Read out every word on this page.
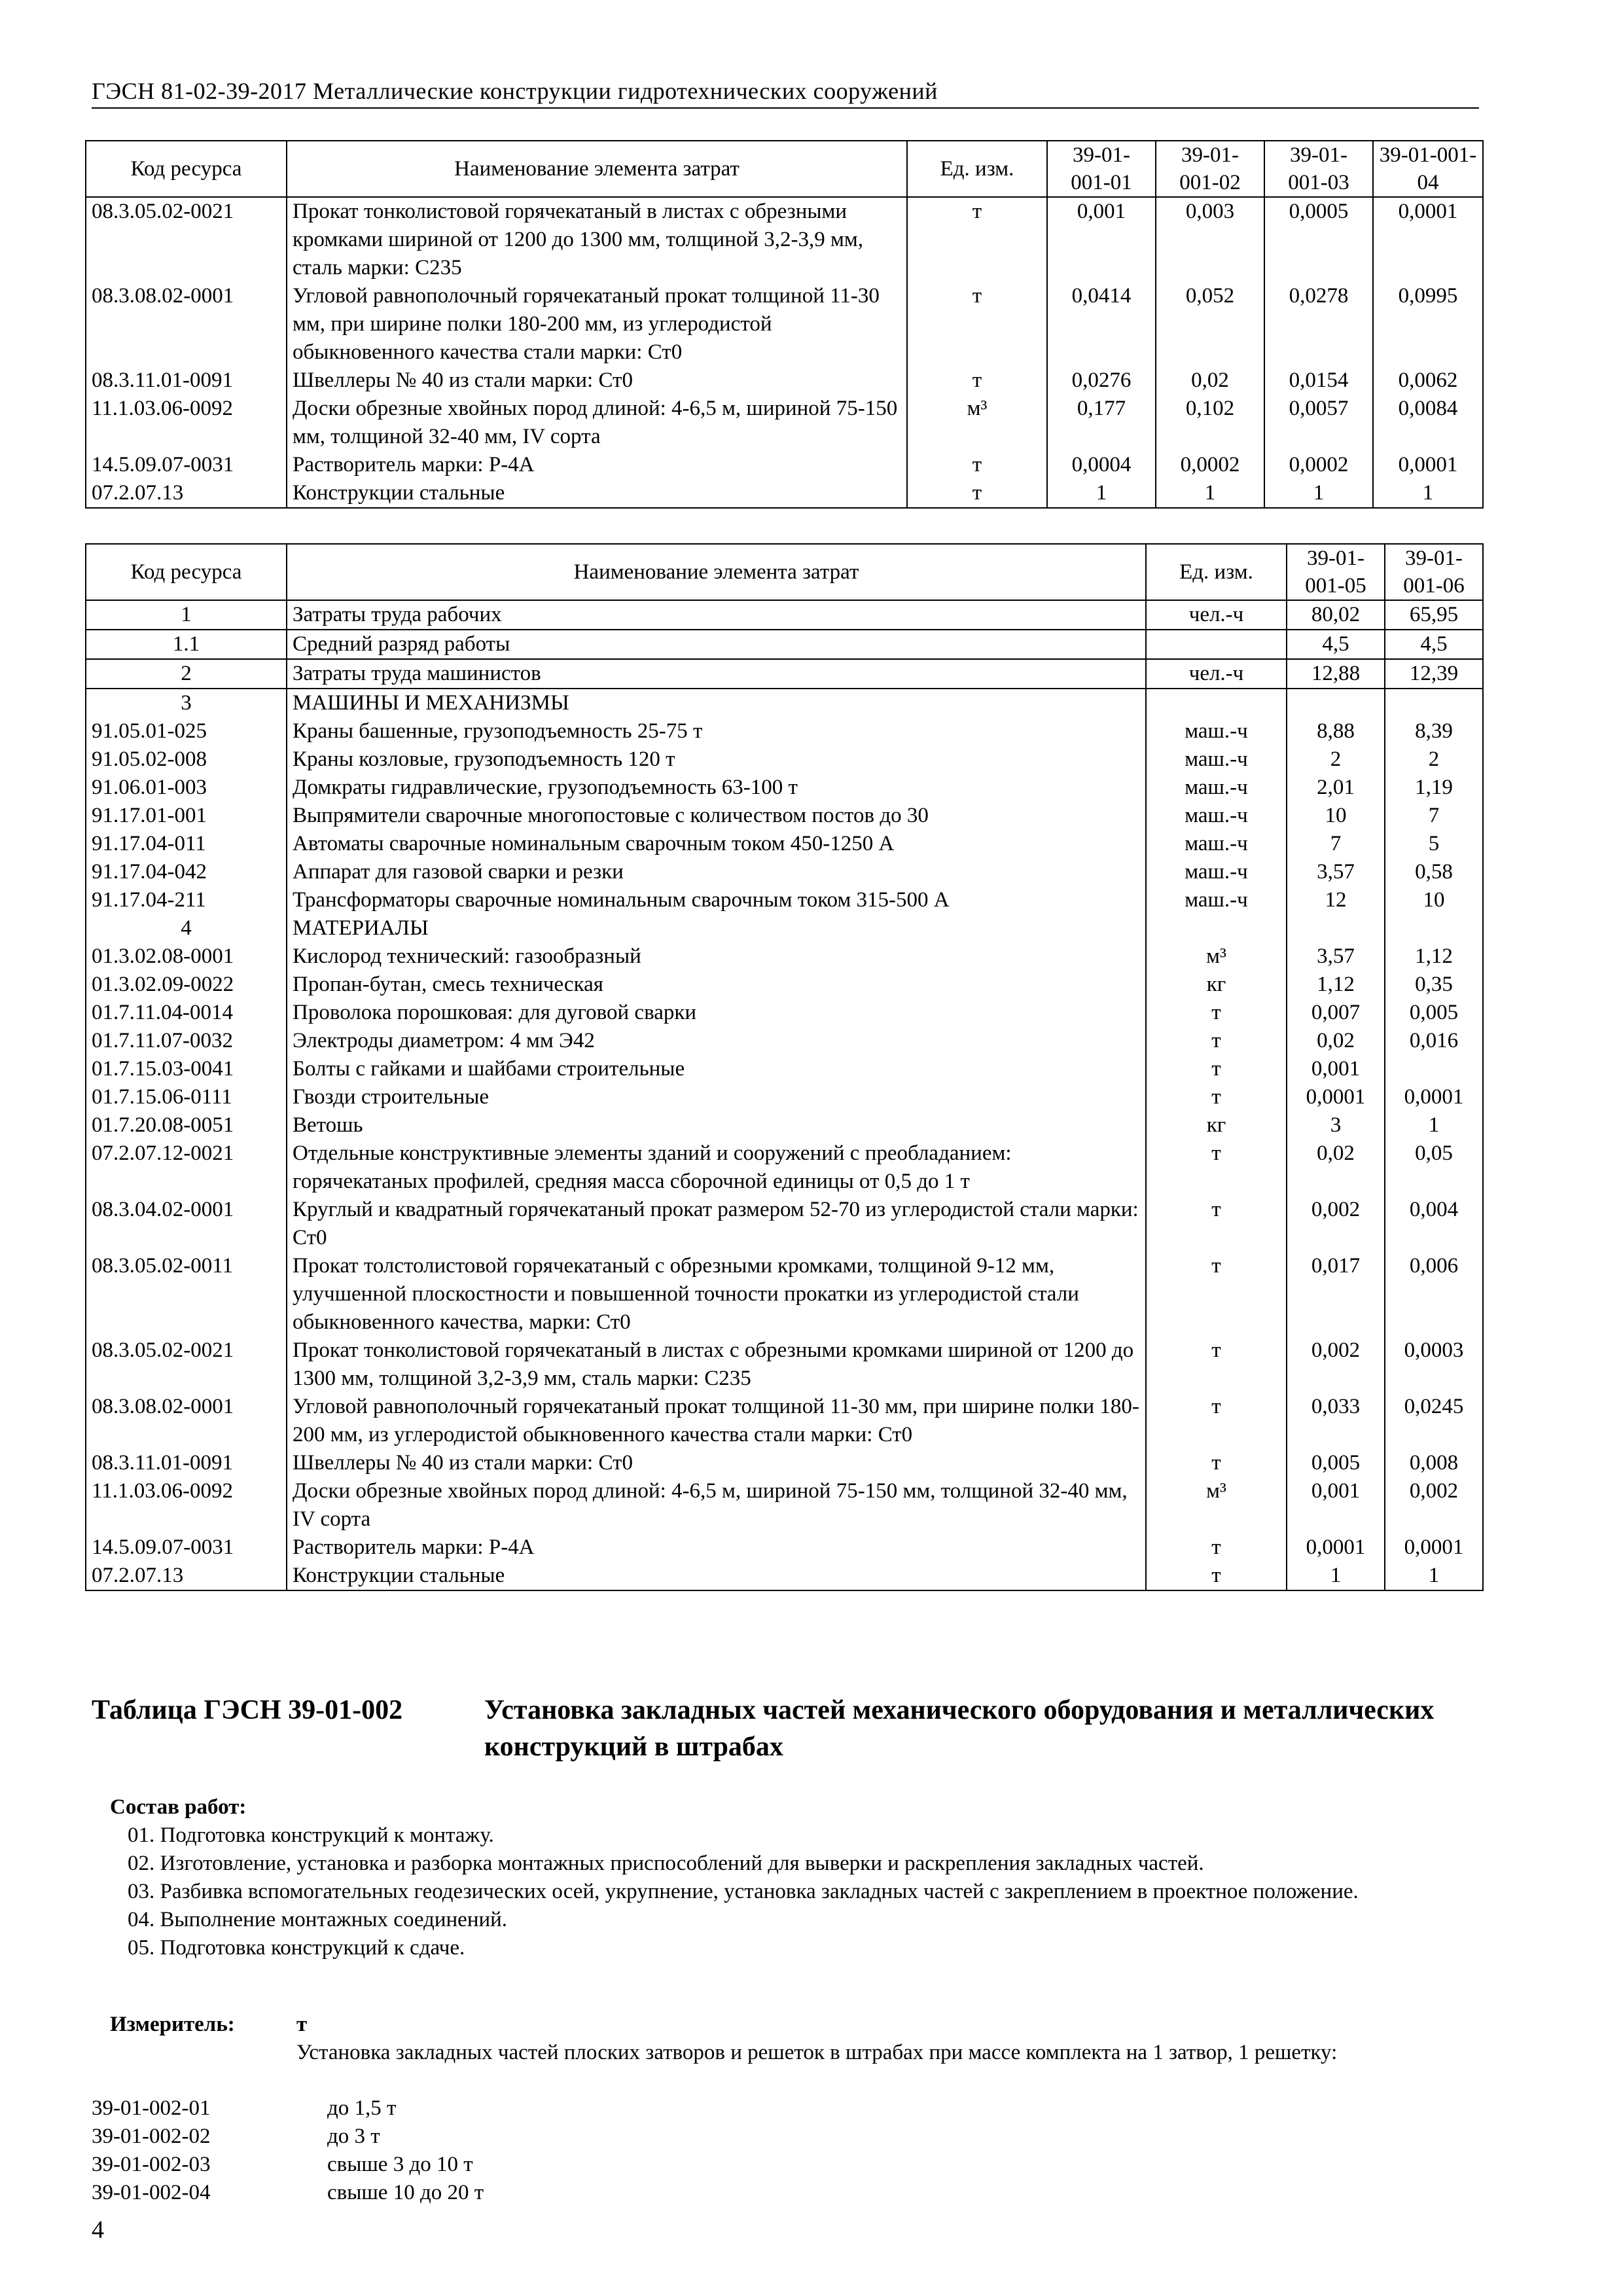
ГЭСН 81-02-39-2017 Металлические конструкции гидротехнических сооружений
Код ресурса	Наименование элемента затрат	Ед. изм.	39-01-001-01	39-01-001-02	39-01-001-03	39-01-001-04
08.3.05.02-0021	Прокат тонколистовой горячекатаный в листах с обрезными кромками шириной от 1200 до 1300 мм, толщиной 3,2-3,9 мм, сталь марки: С235	т	0,001	0,003	0,0005	0,0001
08.3.08.02-0001	Угловой равнополочный горячекатаный прокат толщиной 11-30 мм, при ширине полки 180-200 мм, из углеродистой обыкновенного качества стали марки: Ст0	т	0,0414	0,052	0,0278	0,0995
08.3.11.01-0091	Швеллеры № 40 из стали марки: Ст0	т	0,0276	0,02	0,0154	0,0062
11.1.03.06-0092	Доски обрезные хвойных пород длиной: 4-6,5 м, шириной 75-150 мм, толщиной 32-40 мм, IV сорта	м³	0,177	0,102	0,0057	0,0084
14.5.09.07-0031	Растворитель марки: Р-4А	т	0,0004	0,0002	0,0002	0,0001
07.2.07.13	Конструкции стальные	т	1	1	1	1
Код ресурса	Наименование элемента затрат	Ед. изм.	39-01-001-05	39-01-001-06
1	Затраты труда рабочих	чел.-ч	80,02	65,95
1.1	Средний разряд работы		4,5	4,5
2	Затраты труда машинистов	чел.-ч	12,88	12,39
3	МАШИНЫ И МЕХАНИЗМЫ			
91.05.01-025	Краны башенные, грузоподъемность 25-75 т	маш.-ч	8,88	8,39
91.05.02-008	Краны козловые, грузоподъемность 120 т	маш.-ч	2	2
91.06.01-003	Домкраты гидравлические, грузоподъемность 63-100 т	маш.-ч	2,01	1,19
91.17.01-001	Выпрямители сварочные многопостовые с количеством постов до 30	маш.-ч	10	7
91.17.04-011	Автоматы сварочные номинальным сварочным током 450-1250 А	маш.-ч	7	5
91.17.04-042	Аппарат для газовой сварки и резки	маш.-ч	3,57	0,58
91.17.04-211	Трансформаторы сварочные номинальным сварочным током 315-500 А	маш.-ч	12	10
4	МАТЕРИАЛЫ			
01.3.02.08-0001	Кислород технический: газообразный	м³	3,57	1,12
01.3.02.09-0022	Пропан-бутан, смесь техническая	кг	1,12	0,35
01.7.11.04-0014	Проволока порошковая: для дуговой сварки	т	0,007	0,005
01.7.11.07-0032	Электроды диаметром: 4 мм Э42	т	0,02	0,016
01.7.15.03-0041	Болты с гайками и шайбами строительные	т	0,001	
01.7.15.06-0111	Гвозди строительные	т	0,0001	0,0001
01.7.20.08-0051	Ветошь	кг	3	1
07.2.07.12-0021	Отдельные конструктивные элементы зданий и сооружений с преобладанием: горячекатаных профилей, средняя масса сборочной единицы от 0,5 до 1 т	т	0,02	0,05
08.3.04.02-0001	Круглый и квадратный горячекатаный прокат размером 52-70 из углеродистой стали марки: Ст0	т	0,002	0,004
08.3.05.02-0011	Прокат толстолистовой горячекатаный с обрезными кромками, толщиной 9-12 мм, улучшенной плоскостности и повышенной точности прокатки из углеродистой стали обыкновенного качества, марки: Ст0	т	0,017	0,006
08.3.05.02-0021	Прокат тонколистовой горячекатаный в листах с обрезными кромками шириной от 1200 до 1300 мм, толщиной 3,2-3,9 мм, сталь марки: С235	т	0,002	0,0003
08.3.08.02-0001	Угловой равнополочный горячекатаный прокат толщиной 11-30 мм, при ширине полки 180-200 мм, из углеродистой обыкновенного качества стали марки: Ст0	т	0,033	0,0245
08.3.11.01-0091	Швеллеры № 40 из стали марки: Ст0	т	0,005	0,008
11.1.03.06-0092	Доски обрезные хвойных пород длиной: 4-6,5 м, шириной 75-150 мм, толщиной 32-40 мм, IV сорта	м³	0,001	0,002
14.5.09.07-0031	Растворитель марки: Р-4А	т	0,0001	0,0001
07.2.07.13	Конструкции стальные	т	1	1
Таблица ГЭСН 39-01-002	Установка закладных частей механического оборудования и металлических конструкций в штрабах
Состав работ:
01. Подготовка конструкций к монтажу.
02. Изготовление, установка и разборка монтажных приспособлений для выверки и раскрепления закладных частей.
03. Разбивка вспомогательных геодезических осей, укрупнение, установка закладных частей с закреплением в проектное положение.
04. Выполнение монтажных соединений.
05. Подготовка конструкций к сдаче.
Измеритель:	т
Установка закладных частей плоских затворов и решеток в штрабах при массе комплекта на 1 затвор, 1 решетку:
39-01-002-01	до 1,5 т
39-01-002-02	до 3 т
39-01-002-03	свыше 3 до 10 т
39-01-002-04	свыше 10 до 20 т
4
